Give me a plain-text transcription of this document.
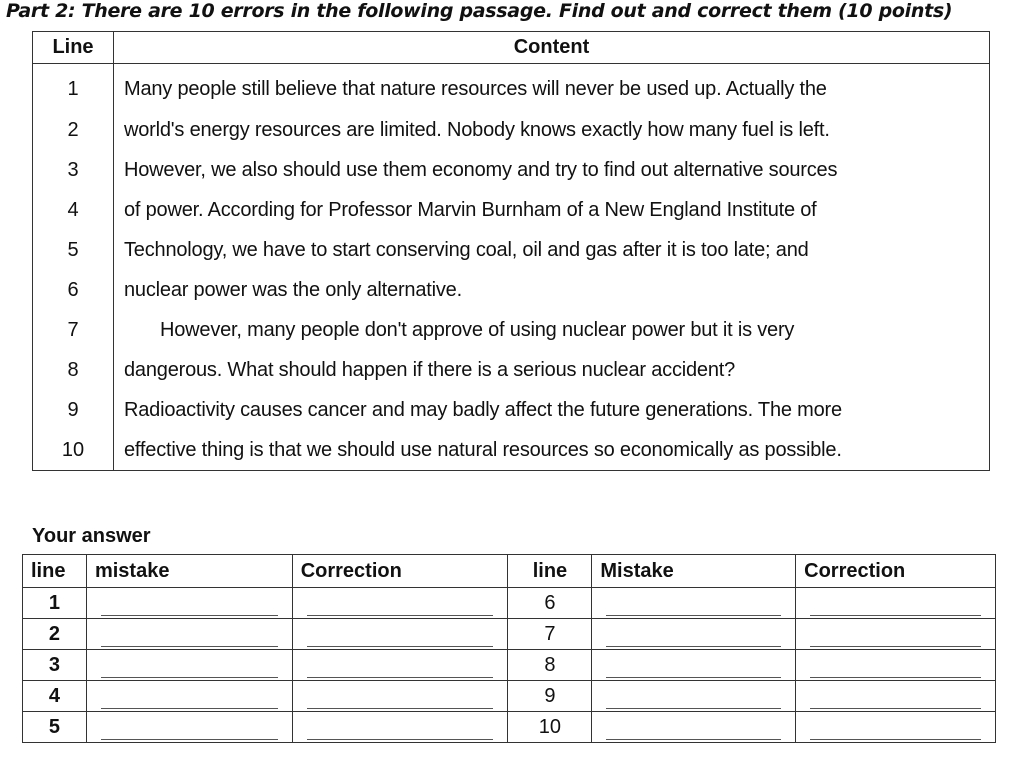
Part 2: There are 10 errors in the following passage. Find out and correct them (10 points)
Line	Content
1	Many people still believe that nature resources will never be used up. Actually the
2	world's energy resources are limited. Nobody knows exactly how many fuel is left.
3	However, we also should use them economy and try to find out alternative sources
4	of power. According for Professor Marvin Burnham of a New England Institute of
5	Technology, we have to start conserving coal, oil and gas after it is too late; and
6	nuclear power was the only alternative.
7	However, many people don't approve of using nuclear power but it is very
8	dangerous. What should happen if there is a serious nuclear accident?
9	Radioactivity causes cancer and may badly affect the future generations. The more
10	effective thing is that we should use natural resources so economically as possible.
Your answer
line	mistake	Correction	line	Mistake	Correction
1			6		
2			7		
3			8		
4			9		
5			10		
